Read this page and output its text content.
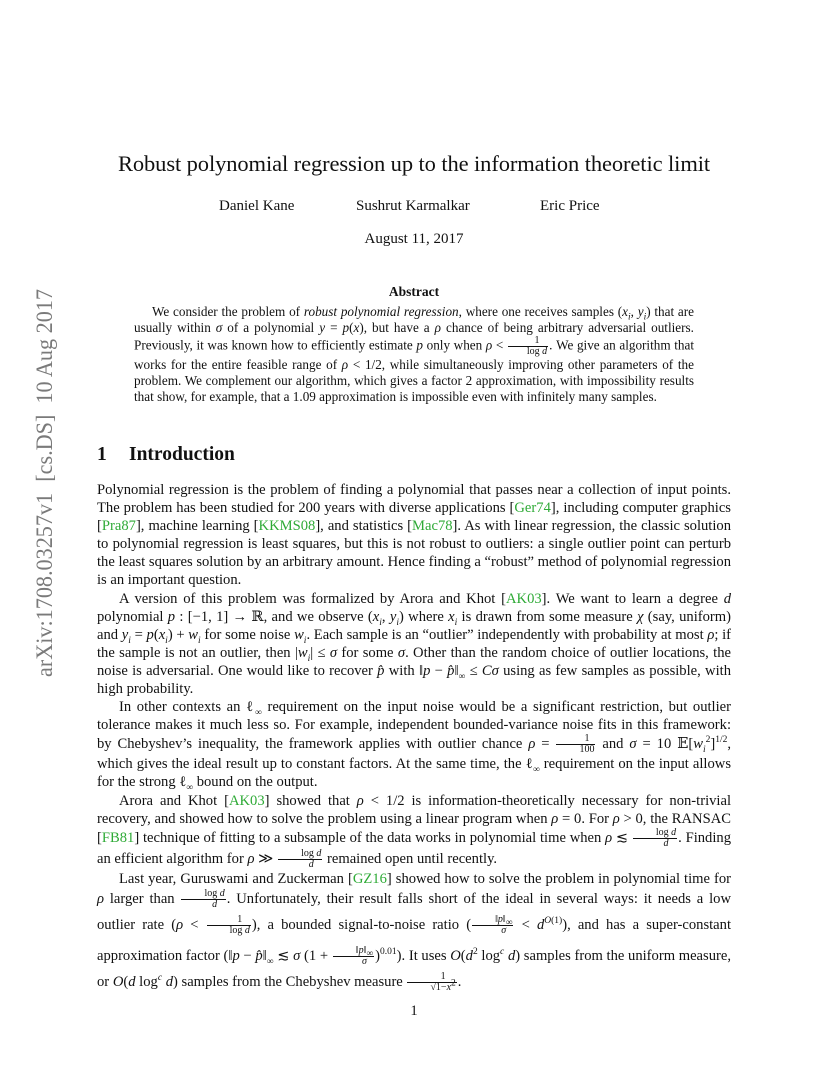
arXiv:1708.03257v1  [cs.DS]  10 Aug 2017
Robust polynomial regression up to the information theoretic limit
Daniel Kane	Sushrut Karmalkar	Eric Price
August 11, 2017
Abstract

We consider the problem of robust polynomial regression, where one receives samples ($x_i$, $y_i$) that are usually within σ of a polynomial y = p(x), but have a ρ chance of being arbitrary adversarial outliers. Previously, it was known how to efficiently estimate p only when $\rho < \frac{1}{\text{log d}}$ . We give an algorithm that works for the entire feasible range of ρ < 1/2, while simultaneously improving other parameters of the problem. We complement our algorithm, which gives a factor 2 approximation, with impossibility results that show, for example, that a 1.09 approximation is impossible even with infinitely many samples.

1 Introduction

Polynomial regression is the problem of finding a polynomial that passes near a collection of input points. The problem has been studied for 200 years with diverse applications [Ger74], including computer graphics [Pra87], machine learning [KKMS08], and statistics [Mac78]. As with linear regression, the classic solution to polynomial regression is least squares, but this is not robust to outliers: a single outlier point can perturb the least squares solution by an arbitrary amount. Hence finding a “robust” method of polynomial regression is an important question.

A version of this problem was formalized by Arora and Khot [AK03]. We want to learn a degree d polynomial p : [−1, 1] → ℝ, and we observe ($x_i$, $y_i$) where $x_i$ is drawn from some measure χ (say, uniform) and $y_i = p(x_i) + w_i$ for some noise $w_i$. Each sample is an “outlier” independently with probability at most ρ; if the sample is not an outlier, then $|w_i| \le \sigma$ for some σ. Other than the random choice of outlier locations, the noise is adversarial. One would like to recover p̂ with ‖p − $p̂‖_\infty \le C\sigma$ using as few samples as possible, with high probability.

In other contexts an ℓ$_\infty$ requirement on the input noise would be a significant restriction, but outlier tolerance makes it much less so. For example, independent bounded-variance noise fits in this framework: by Chebyshev’s inequality, the framework applies with outlier chance $\rho = \frac{1}{100}$ and σ = 10 $𝔼[w_i^2]^{1/2}$, which gives the ideal result up to constant factors. At the same time, the ℓ$_\infty$ requirement on the input allows for the strong ℓ$_\infty$ bound on the output.

Arora and Khot [AK03] showed that ρ < 1/2 is information-theoretically necessary for non-trivial recovery, and showed how to solve the problem using a linear program when ρ = 0. For ρ > 0, the RANSAC [FB81] technique of fitting to a subsample of the data works in polynomial time when ρ ≲ $\frac{\text{log d}}{d}$ . Finding an efficient algorithm for ρ ≫ $\frac{\text{log d}}{d}$ remained open until recently.

Last year, Guruswami and Zuckerman [GZ16] showed how to solve the problem in polynomial time for ρ larger than $\frac{\text{log d}}{d}$ . Unfortunately, their result falls short of the ideal in several ways: it needs a low outlier rate ($\rho < \frac{1}{\text{log d}}$ ), a bounded signal-to-noise ratio ( $\frac{‖p‖_\infty}{\sigma} < d^{O(1)}$), and has a super-constant approximation factor (‖p − $p̂‖_\infty$ ≲ σ $(1 + \frac{‖p‖_\infty}{\sigma} )^{0.01}$). It uses $O(d^2$ $\log^c d$) samples from the uniform measure, or O(d $\log^c d$) samples from the Chebyshev measure $\frac{1}{√1-x^2}$ .

1
